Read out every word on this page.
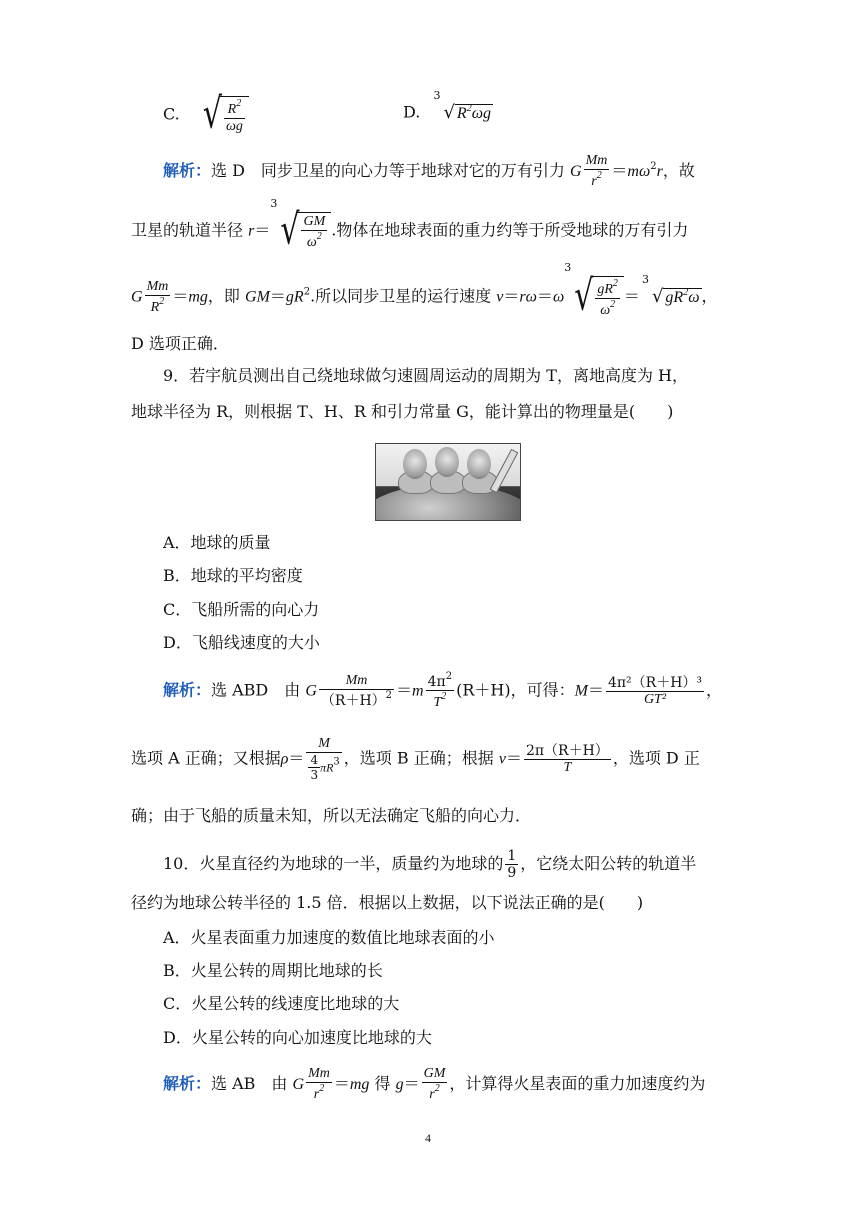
C. √ $\frac{R^2}{\omega g}$	D.
3
√ $R^2\omega g$
解析：选 D　同步卫星的向心力等于地球对它的万有引力 G $\frac{Mm}{r^2} =m\omega^2r$，故
卫星的轨道半径 r＝
3
√ $\frac{GM}{\omega^2}$ .物体在地球表面的重力约等于所受地球的万有引力
G $\frac{Mm}{R^2} =mg$，即 $GM=gR^2$.所以同步卫星的运行速度 v＝rω＝ω
3
√ $\frac{gR^2}{\omega^2}$ ＝
3
√ $gR^2\omega$ ，
D 选项正确．
9．若宇航员测出自己绕地球做匀速圆周运动的周期为 T，离地高度为 H，
地球半径为 R，则根据 T、H、R 和引力常量 G，能计算出的物理量是(　　)
A．地球的质量
B．地球的平均密度
C．飞船所需的向心力
D．飞船线速度的大小
解析：选 ABD　由 G $\frac{Mm}{(R+H)^2} =m \frac{4\pi^2}{T^2} (R+H)$，可得：$M= \frac{\text{4π²（R＋H）³}}{\text{GT²}}$ ，
选项 A 正确；又根据$\rho= \frac{M}{\frac{4}{3} \pi R^3}$ ，选项 B 正确；根据 $v= \frac{2\pi(R+H)}{T}$ ，选项 D 正
确；由于飞船的质量未知，所以无法确定飞船的向心力．
10．火星直径约为地球的一半，质量约为地球的 $\frac{1}{9}$ ，它绕太阳公转的轨道半
径约为地球公转半径的 1.5 倍．根据以上数据，以下说法正确的是(　　)
A．火星表面重力加速度的数值比地球表面的小
B．火星公转的周期比地球的长
C．火星公转的线速度比地球的大
D．火星公转的向心加速度比地球的大
解析：选 AB　由 G $\frac{Mm}{r^2} =mg$ 得 $g= \frac{GM}{r^2}$ ，计算得火星表面的重力加速度约为
4
